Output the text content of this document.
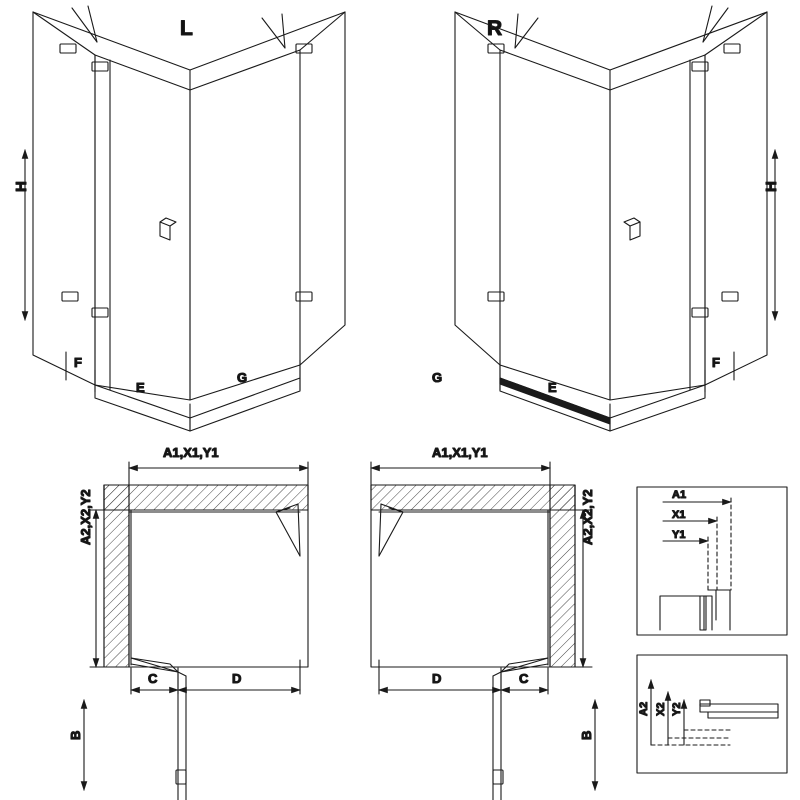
H
F
E
G
L
H
F
E
G
R
A1,X1,Y1
A2,X2,Y2
C	D
B
A1,X1,Y1
A2,X2,Y2
C
D
B
A1
X1
Y1
A2 X2 Y2
